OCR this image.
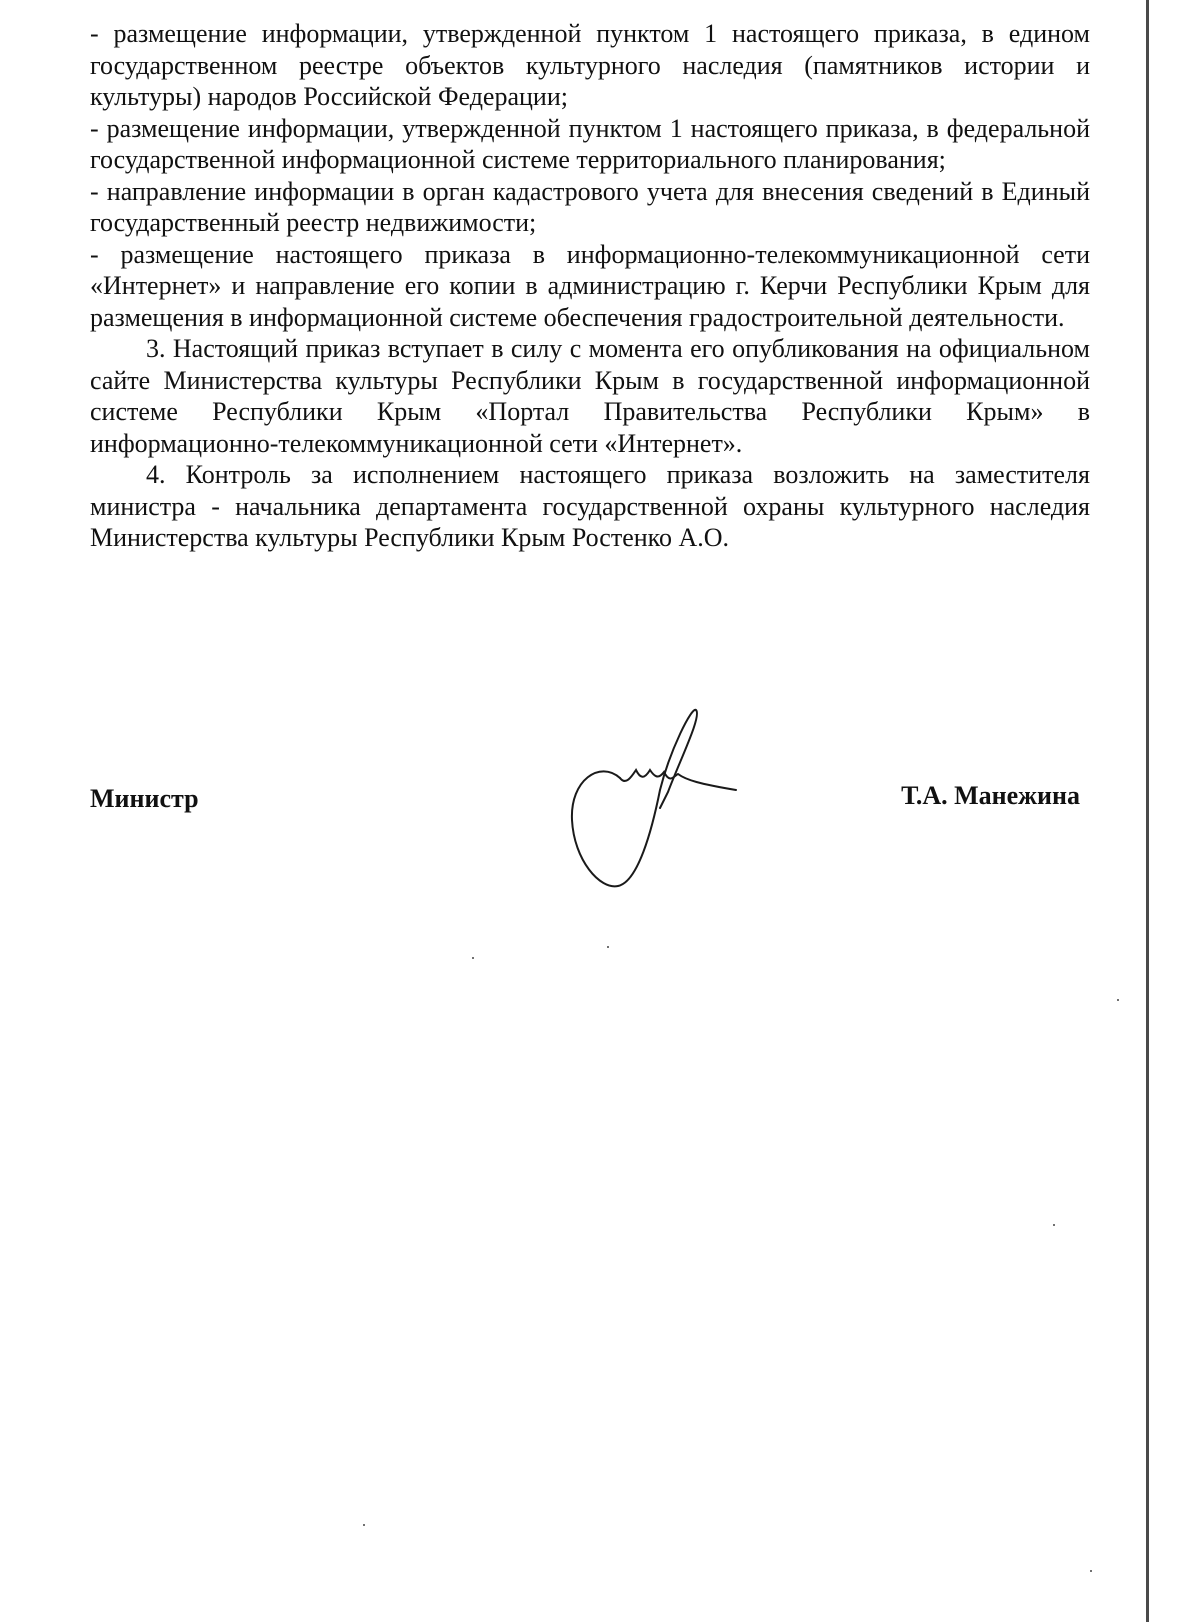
- размещение информации, утвержденной пунктом 1 настоящего приказа, в едином государственном реестре объектов культурного наследия (памятников истории и культуры) народов Российской Федерации;

- размещение информации, утвержденной пунктом 1 настоящего приказа, в федеральной государственной информационной системе территориального планирования;

- направление информации в орган кадастрового учета для внесения сведений в Единый государственный реестр недвижимости;

- размещение настоящего приказа в информационно-телекоммуникационной сети «Интернет» и направление его копии в администрацию г. Керчи Республики Крым для размещения в информационной системе обеспечения градостроительной деятельности.

3. Настоящий приказ вступает в силу с момента его опубликования на официальном сайте Министерства культуры Республики Крым в государственной информационной системе Республики Крым «Портал Правительства Республики Крым» в информационно-телекоммуникационной сети «Интернет».

4. Контроль за исполнением настоящего приказа возложить на заместителя министра - начальника департамента государственной охраны культурного наследия Министерства культуры Республики Крым Ростенко А.О.

Министр	Т.А. Манежина
